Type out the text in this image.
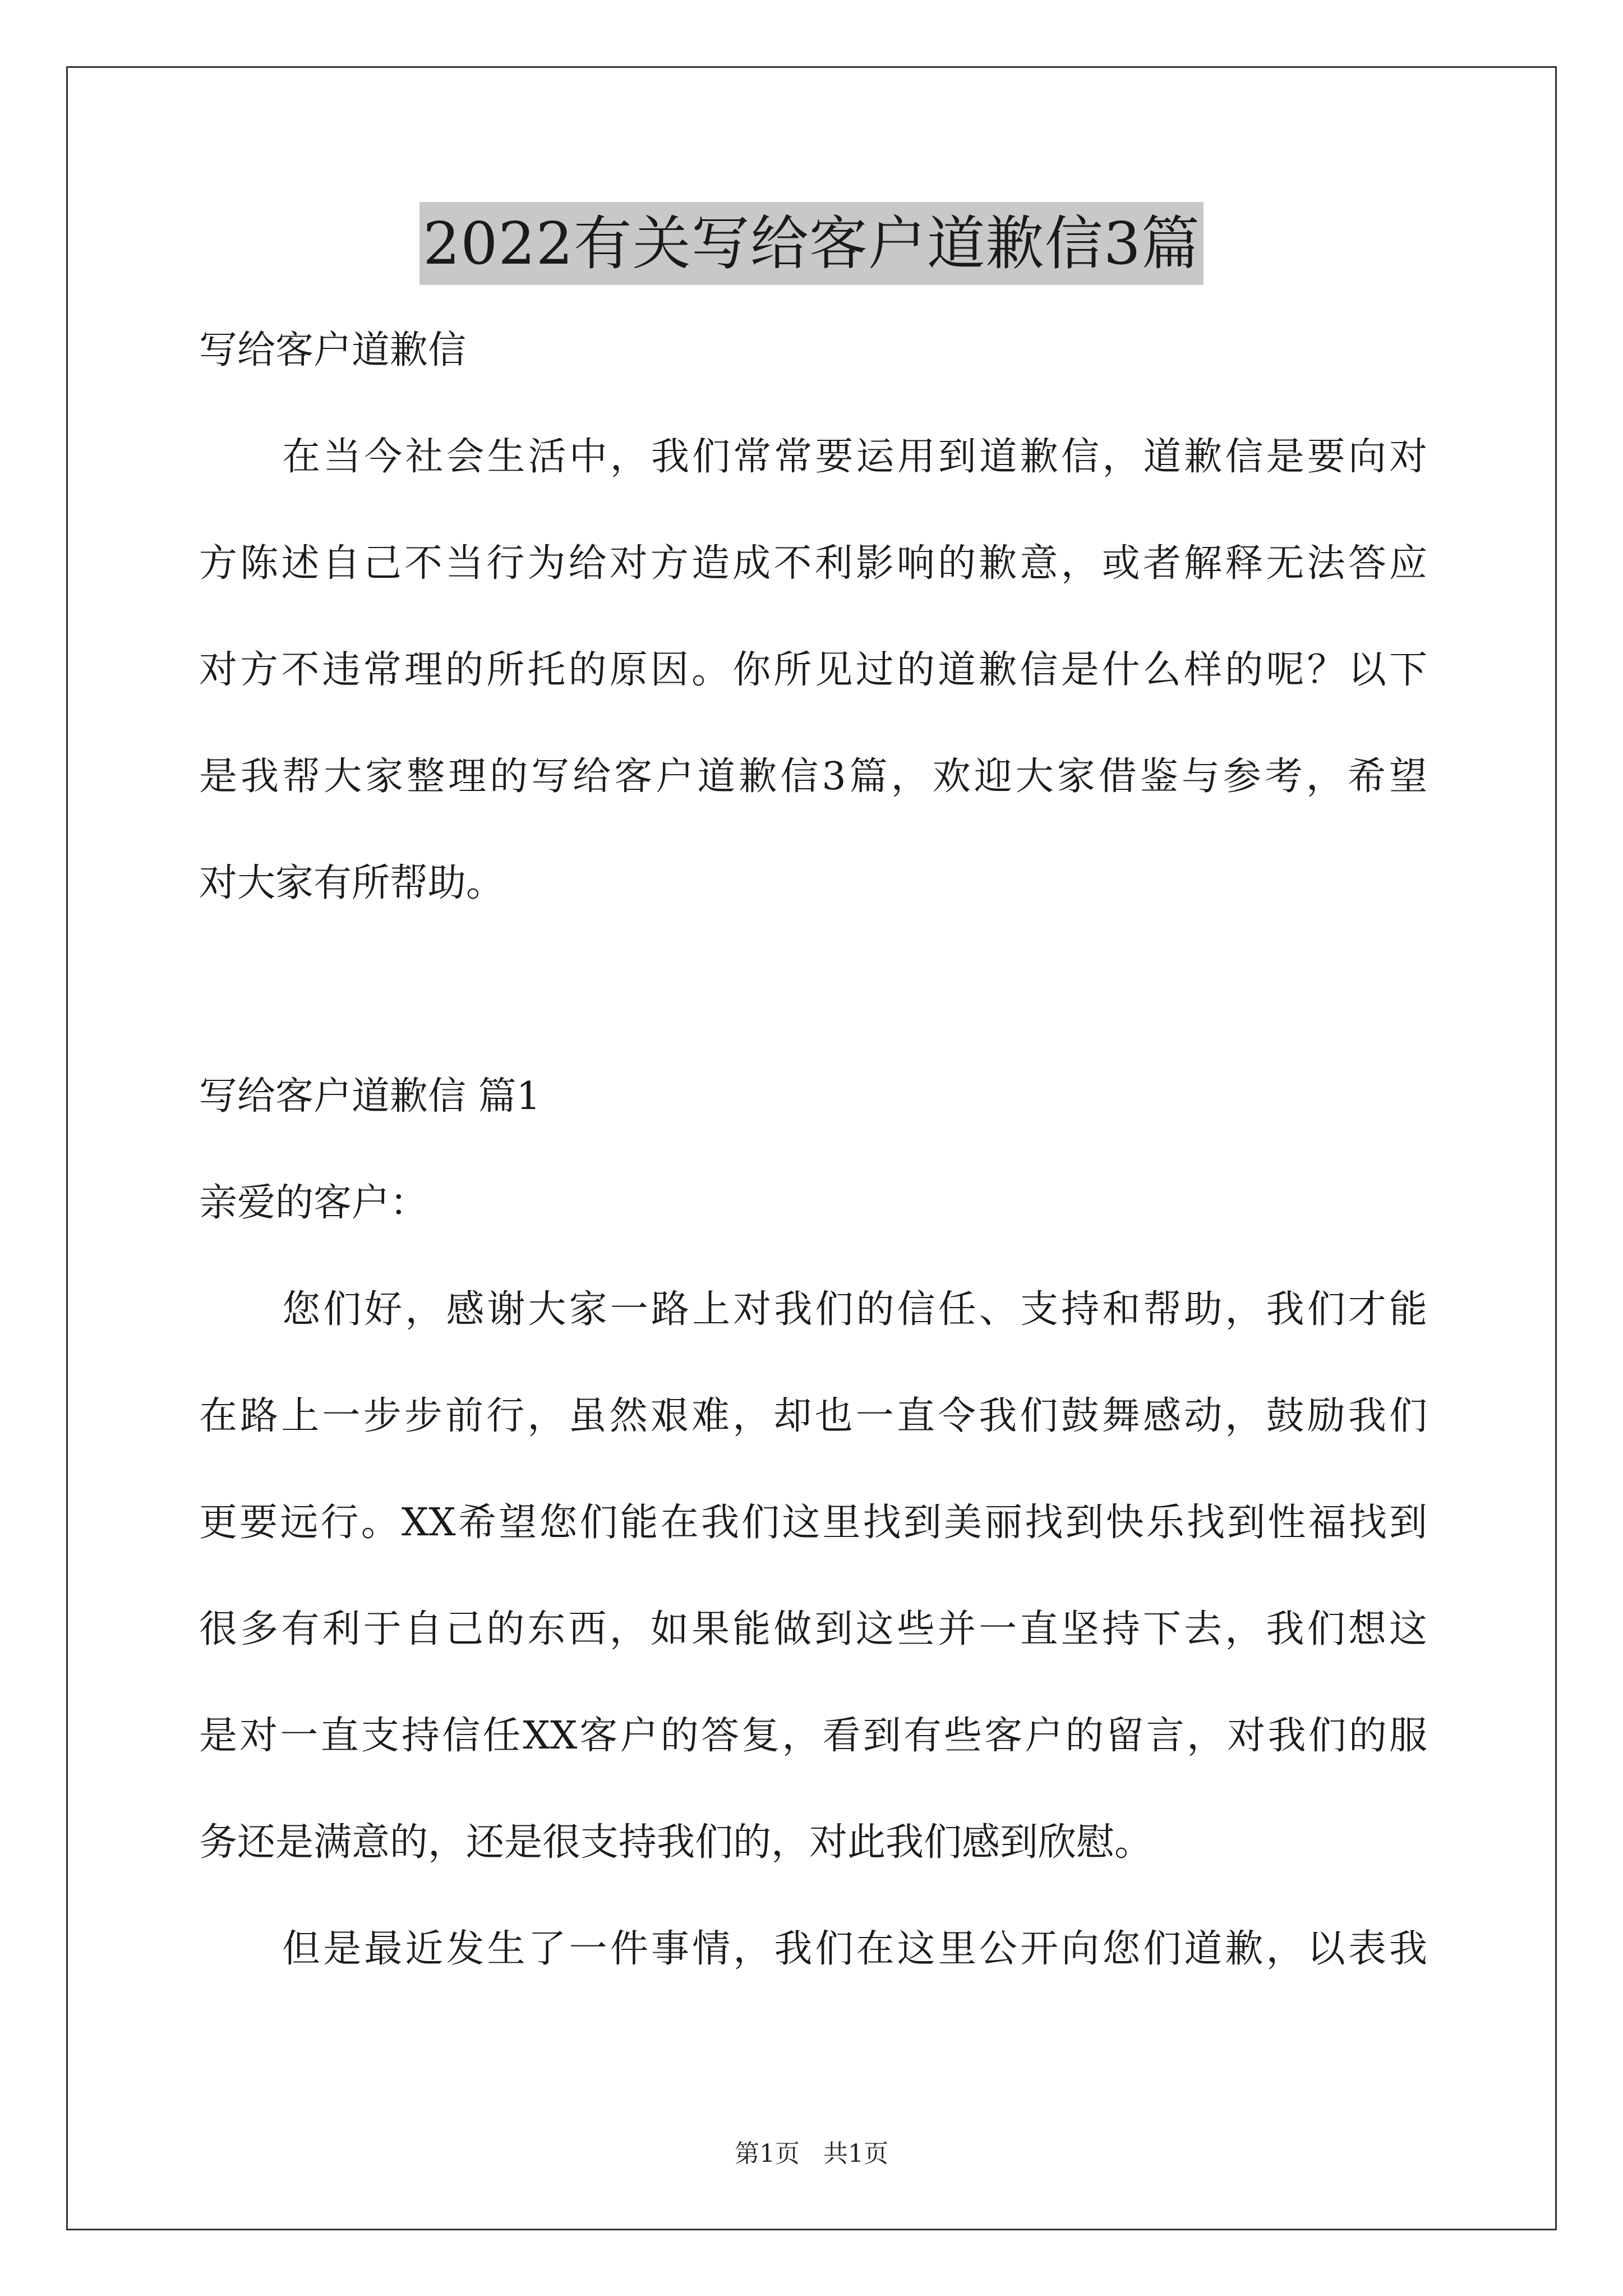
2022有关写给客户道歉信3篇
写给客户道歉信
在当今社会生活中，我们常常要运用到道歉信，道歉信是要向对
方陈述自己不当行为给对方造成不利影响的歉意，或者解释无法答应
对方不违常理的所托的原因。你所见过的道歉信是什么样的呢？以下
是我帮大家整理的写给客户道歉信3篇，欢迎大家借鉴与参考，希望
对大家有所帮助。
写给客户道歉信 篇1
亲爱的客户：
您们好，感谢大家一路上对我们的信任、支持和帮助，我们才能
在路上一步步前行，虽然艰难，却也一直令我们鼓舞感动，鼓励我们
更要远行。XX希望您们能在我们这里找到美丽找到快乐找到性福找到
很多有利于自己的东西，如果能做到这些并一直坚持下去，我们想这
是对一直支持信任XX客户的答复，看到有些客户的留言，对我们的服
务还是满意的，还是很支持我们的，对此我们感到欣慰。
但是最近发生了一件事情，我们在这里公开向您们道歉，以表我
第1页 共1页
